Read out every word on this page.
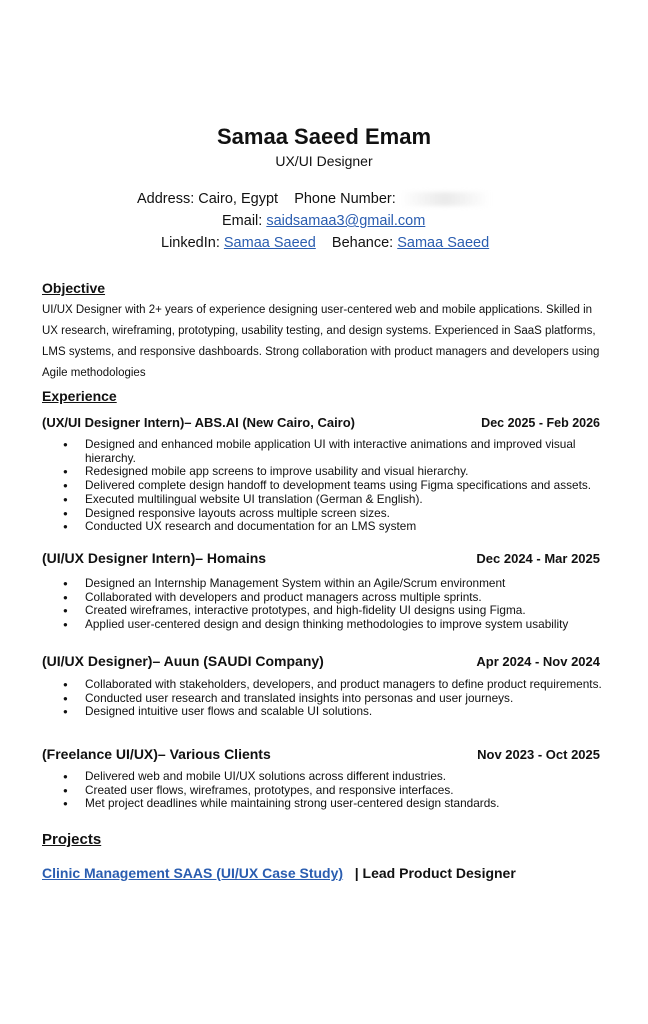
Samaa Saeed Emam
UX/UI Designer
Address: Cairo, Egypt Phone Number:
Email: saidsamaa3@gmail.com
LinkedIn: Samaa Saeed Behance: Samaa Saeed
Objective
UI/UX Designer with 2+ years of experience designing user-centered web and mobile applications. Skilled in UX research, wireframing, prototyping, usability testing, and design systems. Experienced in SaaS platforms, LMS systems, and responsive dashboards. Strong collaboration with product managers and developers using Agile methodologies
Experience
(UX/UI Designer Intern)– ABS.AI (New Cairo, Cairo)	Dec 2025 - Feb 2026
● Designed and enhanced mobile application UI with interactive animations and improved visual hierarchy.
● Redesigned mobile app screens to improve usability and visual hierarchy.
● Delivered complete design handoff to development teams using Figma specifications and assets.
● Executed multilingual website UI translation (German & English).
● Designed responsive layouts across multiple screen sizes.
● Conducted UX research and documentation for an LMS system
(UI/UX Designer Intern)– Homains	Dec 2024 - Mar 2025
● Designed an Internship Management System within an Agile/Scrum environment
● Collaborated with developers and product managers across multiple sprints.
● Created wireframes, interactive prototypes, and high-fidelity UI designs using Figma.
● Applied user-centered design and design thinking methodologies to improve system usability
(UI/UX Designer)– Auun (SAUDI Company)	Apr 2024 - Nov 2024
● Collaborated with stakeholders, developers, and product managers to define product requirements.
● Conducted user research and translated insights into personas and user journeys.
● Designed intuitive user flows and scalable UI solutions.
(Freelance UI/UX)– Various Clients	Nov 2023 - Oct 2025
● Delivered web and mobile UI/UX solutions across different industries.
● Created user flows, wireframes, prototypes, and responsive interfaces.
● Met project deadlines while maintaining strong user-centered design standards.
Projects
Clinic Management SAAS (UI/UX Case Study) | Lead Product Designer
